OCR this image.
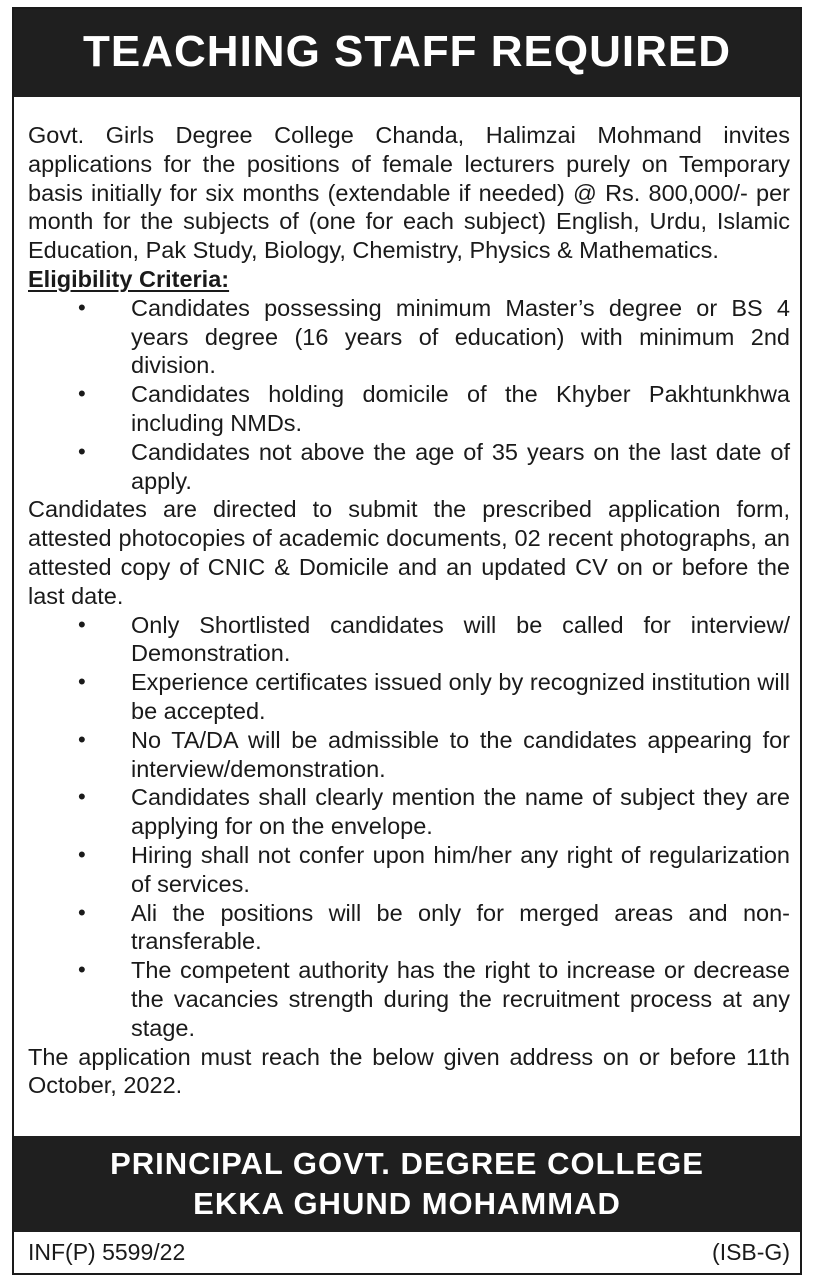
TEACHING STAFF REQUIRED

Govt. Girls Degree College Chanda, Halimzai Mohmand invites applications for the positions of female lecturers purely on Temporary basis initially for six months (extendable if needed) @ Rs. 800,000/- per month for the subjects of (one for each subject) English, Urdu, Islamic Education, Pak Study, Biology, Chemistry, Physics & Mathematics.

Eligibility Criteria:

• Candidates possessing minimum Master’s degree or BS 4 years degree (16 years of education) with minimum 2nd division.
• Candidates holding domicile of the Khyber Pakhtunkhwa including NMDs.
• Candidates not above the age of 35 years on the last date of apply.

Candidates are directed to submit the prescribed application form, attested photocopies of academic documents, 02 recent photographs, an attested copy of CNIC & Domicile and an updated CV on or before the last date.

• Only Shortlisted candidates will be called for interview/ Demonstration.
• Experience certificates issued only by recognized institution will be accepted.
• No TA/DA will be admissible to the candidates appearing for interview/demonstration.
• Candidates shall clearly mention the name of subject they are applying for on the envelope.
• Hiring shall not confer upon him/her any right of regularization of services.
• Ali the positions will be only for merged areas and non-transferable.
• The competent authority has the right to increase or decrease the vacancies strength during the recruitment process at any stage.

The application must reach the below given address on or before 11th October, 2022.

PRINCIPAL GOVT. DEGREE COLLEGE
EKKA GHUND MOHAMMAD
INF(P) 5599/22	(ISB-G)
